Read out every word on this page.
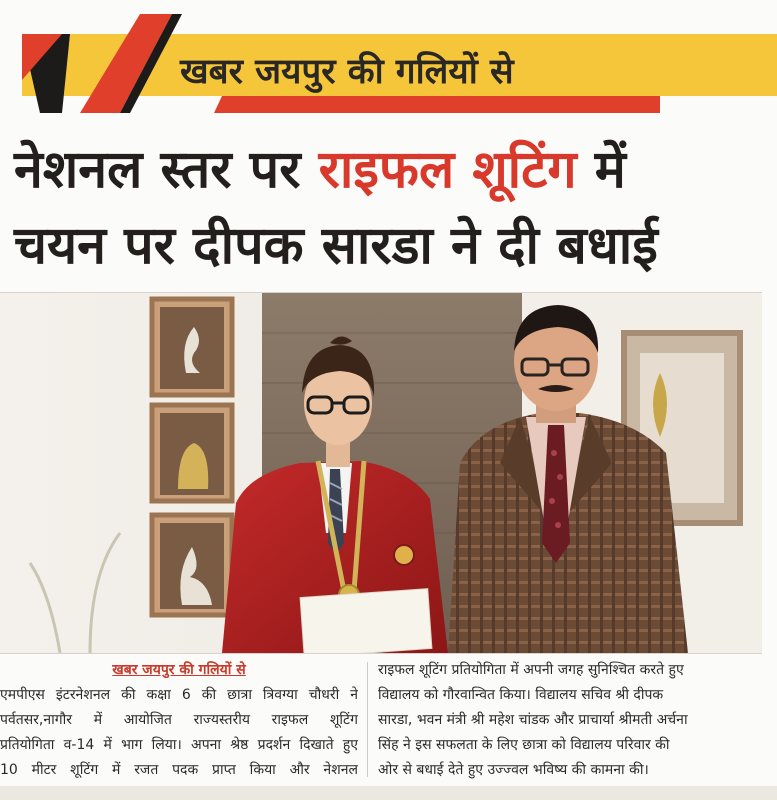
खबर जयपुर की गलियों से
नेशनल स्तर पर राइफल शूटिंग में
चयन पर दीपक सारडा ने दी बधाई
खबर जयपुर की गलियों से
एमपीएस इंटरनेशनल की कक्षा 6 की छात्रा त्रिवग्या चौधरी ने
पर्वतसर,नागौर में आयोजित राज्यस्तरीय राइफल शूटिंग
प्रतियोगिता व-14 में भाग लिया। अपना श्रेष्ठ प्रदर्शन दिखाते हुए
10 मीटर शूटिंग में रजत पदक प्राप्त किया और नेशनल
राइफल शूटिंग प्रतियोगिता में अपनी जगह सुनिश्चित करते हुए
विद्यालय को गौरवान्वित किया। विद्यालय सचिव श्री दीपक
सारडा, भवन मंत्री श्री महेश चांडक और प्राचार्या श्रीमती अर्चना
सिंह ने इस सफलता के लिए छात्रा को विद्यालय परिवार की
ओर से बधाई देते हुए उज्ज्वल भविष्य की कामना की।
